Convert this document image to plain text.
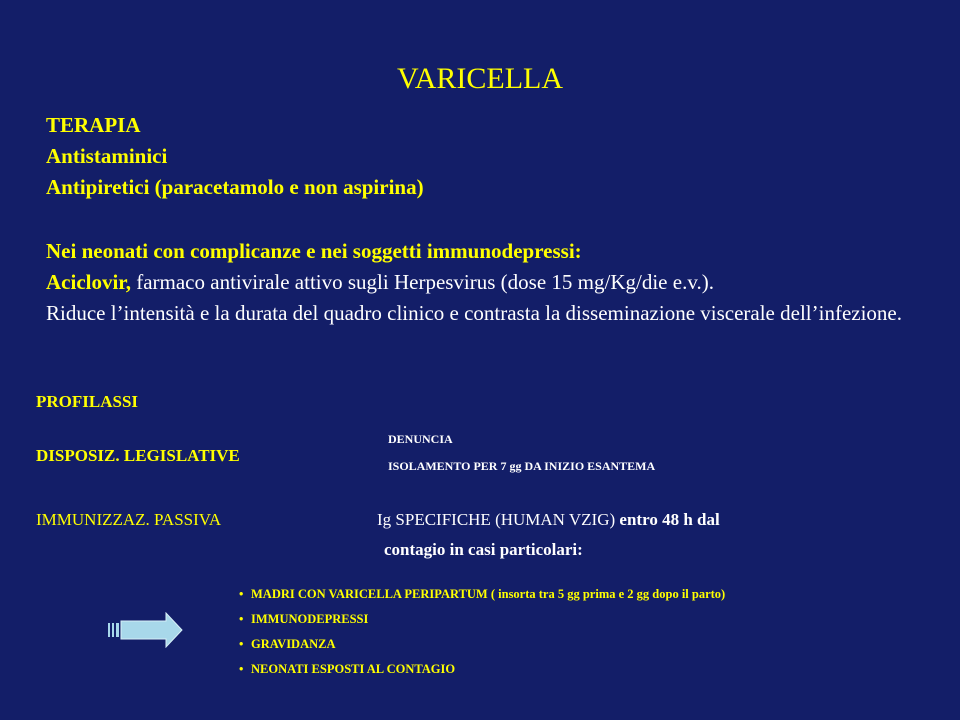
VARICELLA
TERAPIA
Antistaminici
Antipiretici (paracetamolo e non aspirina)
Nei neonati con complicanze e nei soggetti immunodepressi:
Aciclovir, farmaco antivirale attivo sugli Herpesvirus (dose 15 mg/Kg/die e.v.).
Riduce l’intensità e la durata del quadro clinico e contrasta la disseminazione viscerale dell’infezione.
PROFILASSI
DISPOSIZ. LEGISLATIVE
DENUNCIA
ISOLAMENTO PER 7 gg DA INIZIO ESANTEMA
IMMUNIZZAZ. PASSIVA	Ig SPECIFICHE (HUMAN VZIG) entro 48 h dal
contagio in casi particolari:
• MADRI CON VARICELLA PERIPARTUM ( insorta tra 5 gg prima e 2 gg dopo il parto)
• IMMUNODEPRESSI
• GRAVIDANZA
• NEONATI ESPOSTI AL CONTAGIO
